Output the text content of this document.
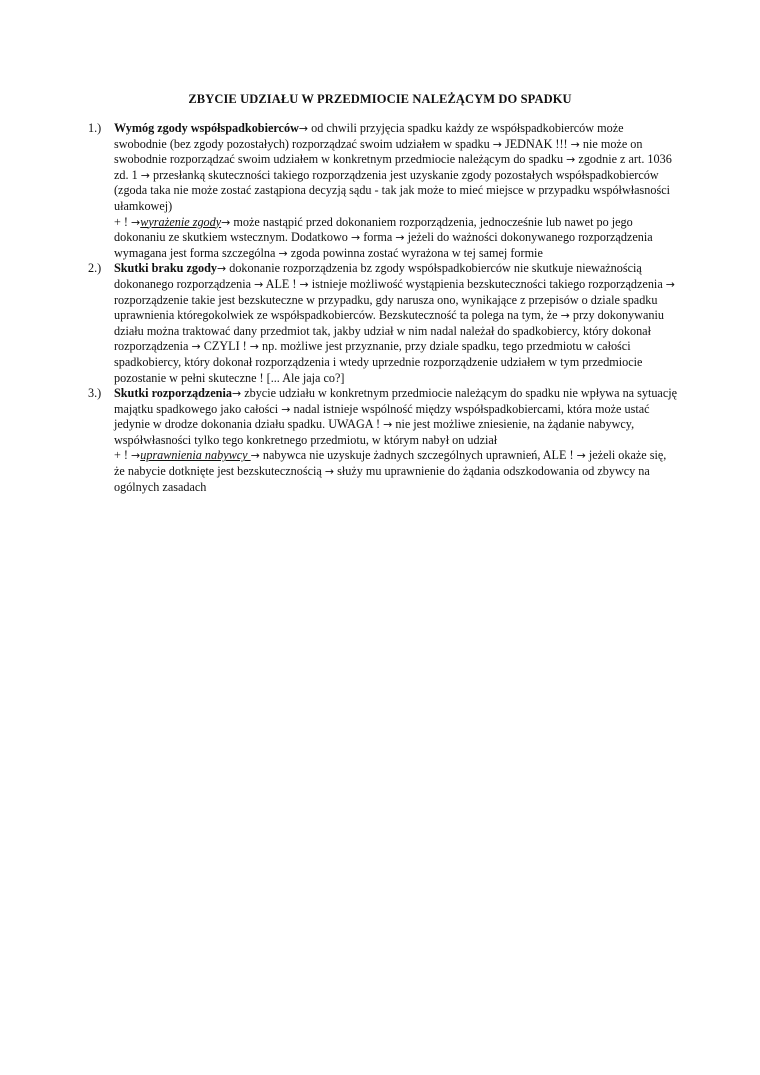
ZBYCIE UDZIAŁU W PRZEDMIOCIE NALEŻĄCYM DO SPADKU
1.) Wymóg zgody współspadkobierców→ od chwili przyjęcia spadku każdy ze współspadkobierców może swobodnie (bez zgody pozostałych) rozporządzać swoim udziałem w spadku → JEDNAK !!! → nie może on swobodnie rozporządzać swoim udziałem w konkretnym przedmiocie należącym do spadku → zgodnie z art. 1036 zd. 1 → przesłanką skuteczności takiego rozporządzenia jest uzyskanie zgody pozostałych współspadkobierców (zgoda taka nie może zostać zastąpiona decyzją sądu - tak jak może to mieć miejsce w przypadku współwłasności ułamkowej)
+ ! →wyrażenie zgody→ może nastąpić przed dokonaniem rozporządzenia, jednocześnie lub nawet po jego dokonaniu ze skutkiem wstecznym. Dodatkowo → forma → jeżeli do ważności dokonywanego rozporządzenia wymagana jest forma szczególna → zgoda powinna zostać wyrażona w tej samej formie
2.) Skutki braku zgody→ dokonanie rozporządzenia bz zgody współspadkobierców nie skutkuje nieważnością dokonanego rozporządzenia → ALE ! → istnieje możliwość wystąpienia bezskuteczności takiego rozporządzenia → rozporządzenie takie jest bezskuteczne w przypadku, gdy narusza ono, wynikające z przepisów o dziale spadku uprawnienia któregokolwiek ze współspadkobierców. Bezskuteczność ta polega na tym, że → przy dokonywaniu działu można traktować dany przedmiot tak, jakby udział w nim nadal należał do spadkobiercy, który dokonał rozporządzenia → CZYLI ! → np. możliwe jest przyznanie, przy dziale spadku, tego przedmiotu w całości spadkobiercy, który dokonał rozporządzenia i wtedy uprzednie rozporządzenie udziałem w tym przedmiocie pozostanie w pełni skuteczne ! [... Ale jaja co?]
3.) Skutki rozporządzenia→ zbycie udziału w konkretnym przedmiocie należącym do spadku nie wpływa na sytuację majątku spadkowego jako całości → nadal istnieje wspólność między współspadkobiercami, która może ustać jedynie w drodze dokonania działu spadku. UWAGA ! → nie jest możliwe zniesienie, na żądanie nabywcy, współwłasności tylko tego konkretnego przedmiotu, w którym nabył on udział
+ ! →uprawnienia nabywcy → nabywca nie uzyskuje żadnych szczególnych uprawnień, ALE ! → jeżeli okaże się, że nabycie dotknięte jest bezskutecznością → służy mu uprawnienie do żądania odszkodowania od zbywcy na ogólnych zasadach
